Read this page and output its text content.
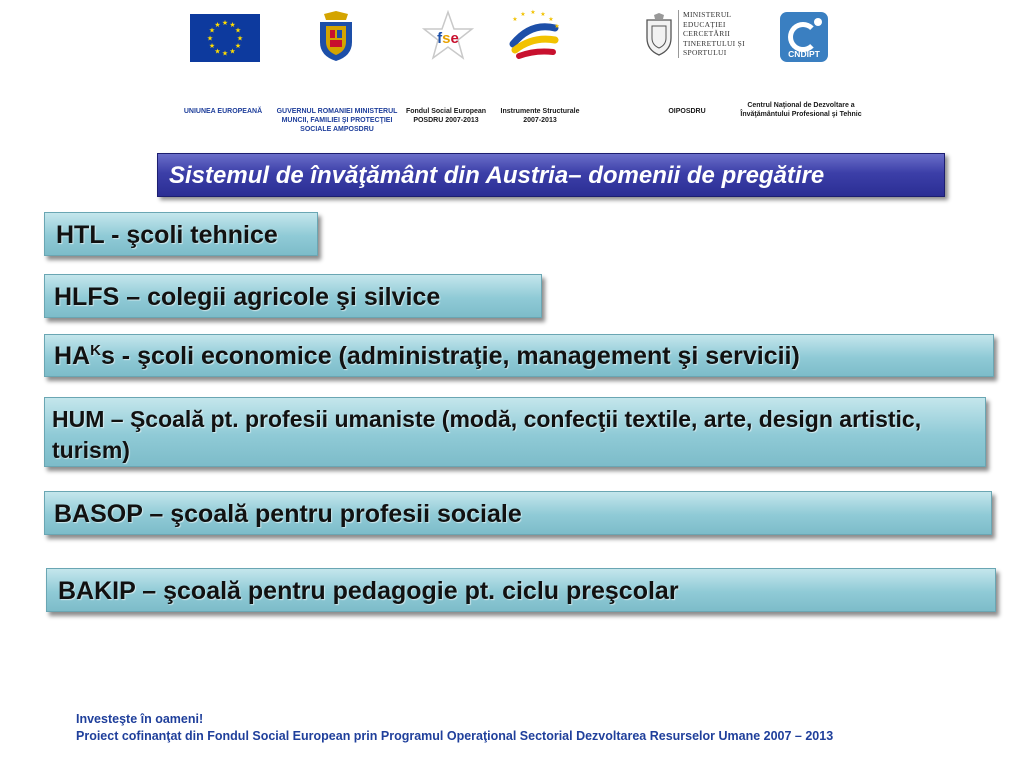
★ ★
★
★
★
★
★
★
★
★
★
★
fse
★ ★
★
★
★
★
MINISTERUL EDUCAȚIEI CERCETĂRII TINERETULUI ȘI SPORTULUI	CNDIPT
UNIUNEA EUROPEANĂ	GUVERNUL ROMANIEI MINISTERUL MUNCII, FAMILIEI ŞI PROTECŢIEI SOCIALE AMPOSDRU
Fondul Social European POSDRU 2007-2013
Instrumente Structurale 2007-2013
OIPOSDRU
Centrul Naţional de Dezvoltare a Învăţământului Profesional şi Tehnic
Sistemul de învăţământ din Austria– domenii de pregătire
HTL - şcoli tehnice
HLFS – colegii agricole şi silvice
$HA^Ks$ - şcoli economice (administraţie, management şi servicii)
HUM – Şcoală pt. profesii umaniste (modă, confecţii textile, arte, design artistic, turism)
BASOP – şcoală pentru profesii sociale
BAKIP – şcoală pentru pedagogie pt. ciclu preşcolar
Investeşte în oameni!
Proiect cofinanţat din Fondul Social European prin Programul Operaţional Sectorial Dezvoltarea Resurselor Umane 2007 – 2013
